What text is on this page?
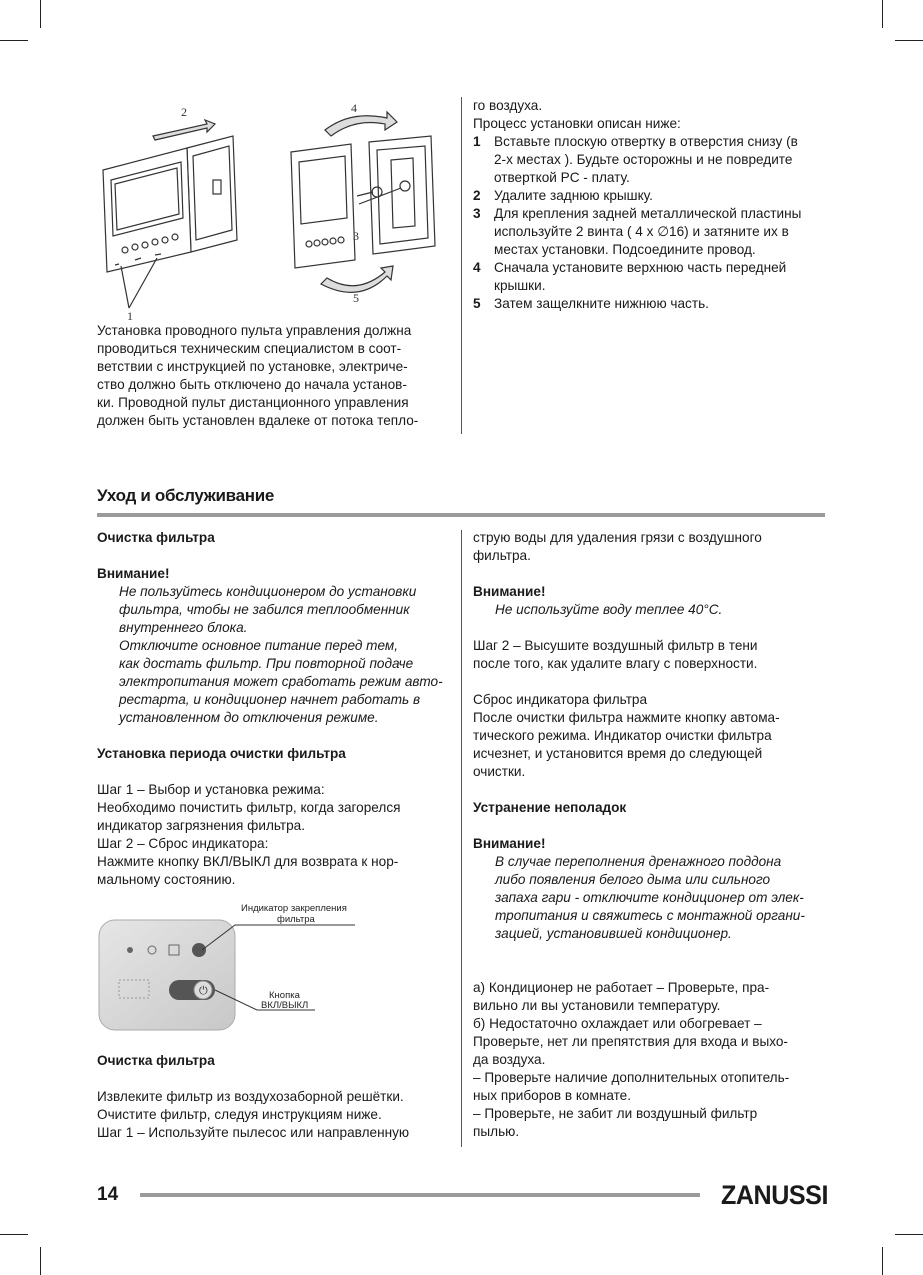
2	4
3
1
5

Установка проводного пульта управления должна

проводиться техническим специалистом в соот-

ветствии с инструкцией по установке, электриче-

ство должно быть отключено до начала установ-

ки. Проводной пульт дистанционного управления

должен быть установлен вдалеке от потока тепло-

го воздуха.

Процесс установки описан ниже:

1 Вставьте плоскую отвертку в отверстия снизу (в

2-х местах ). Будьте осторожны и не повредите

отверткой PC - плату.

2 Удалите заднюю крышку.

3 Для крепления задней металлической пластины

используйте 2 винта ( 4 x ∅16) и затяните их в

местах установки. Подсоедините провод.

4 Сначала установите верхнюю часть передней

крышки.

5 Затем защелкните нижнюю часть.

Уход и обслуживание

Очистка фильтра

Внимание!

Не пользуйтесь кондиционером до установки

фильтра, чтобы не забился теплообменник

внутреннего блока.

Отключите основное питание перед тем,

как достать фильтр. При повторной подаче

электропитания может сработать режим авто-

рестарта, и кондиционер начнет работать в

установленном до отключения режиме.

Установка периода очистки фильтра

Шаг 1 – Выбор и установка режима:

Необходимо почистить фильтр, когда загорелся

индикатор загрязнения фильтра.

Шаг 2 – Сброс индикатора:

Нажмите кнопку ВКЛ/ВЫКЛ для возврата к нор-

мальному состоянию.

⏻
Индикатор закрепления
фильтра
Кнопка
ВКЛ/ВЫКЛ

Очистка фильтра

Извлеките фильтр из воздухозаборной решётки.

Очистите фильтр, следуя инструкциям ниже.

Шаг 1 – Используйте пылесос или направленную

струю воды для удаления грязи с воздушного

фильтра.

Внимание!

Не используйте воду теплее 40°С.

Шаг 2 – Высушите воздушный фильтр в тени

после того, как удалите влагу с поверхности.

Сброс индикатора фильтра

После очистки фильтра нажмите кнопку автома-

тического режима. Индикатор очистки фильтра

исчезнет, и установится время до следующей

очистки.

Устранение неполадок

Внимание!

В случае переполнения дренажного поддона

либо появления белого дыма или сильного

запаха гари - отключите кондиционер от элек-

тропитания и свяжитесь с монтажной органи-

зацией, установившей кондиционер.

а) Кондиционер не работает – Проверьте, пра-

вильно ли вы установили температуру.

б) Недостаточно охлаждает или обогревает –

Проверьте, нет ли препятствия для входа и выхо-

да воздуха.

– Проверьте наличие дополнительных отопитель-

ных приборов в комнате.

– Проверьте, не забит ли воздушный фильтр

пылью.

14	ZANUSSI
